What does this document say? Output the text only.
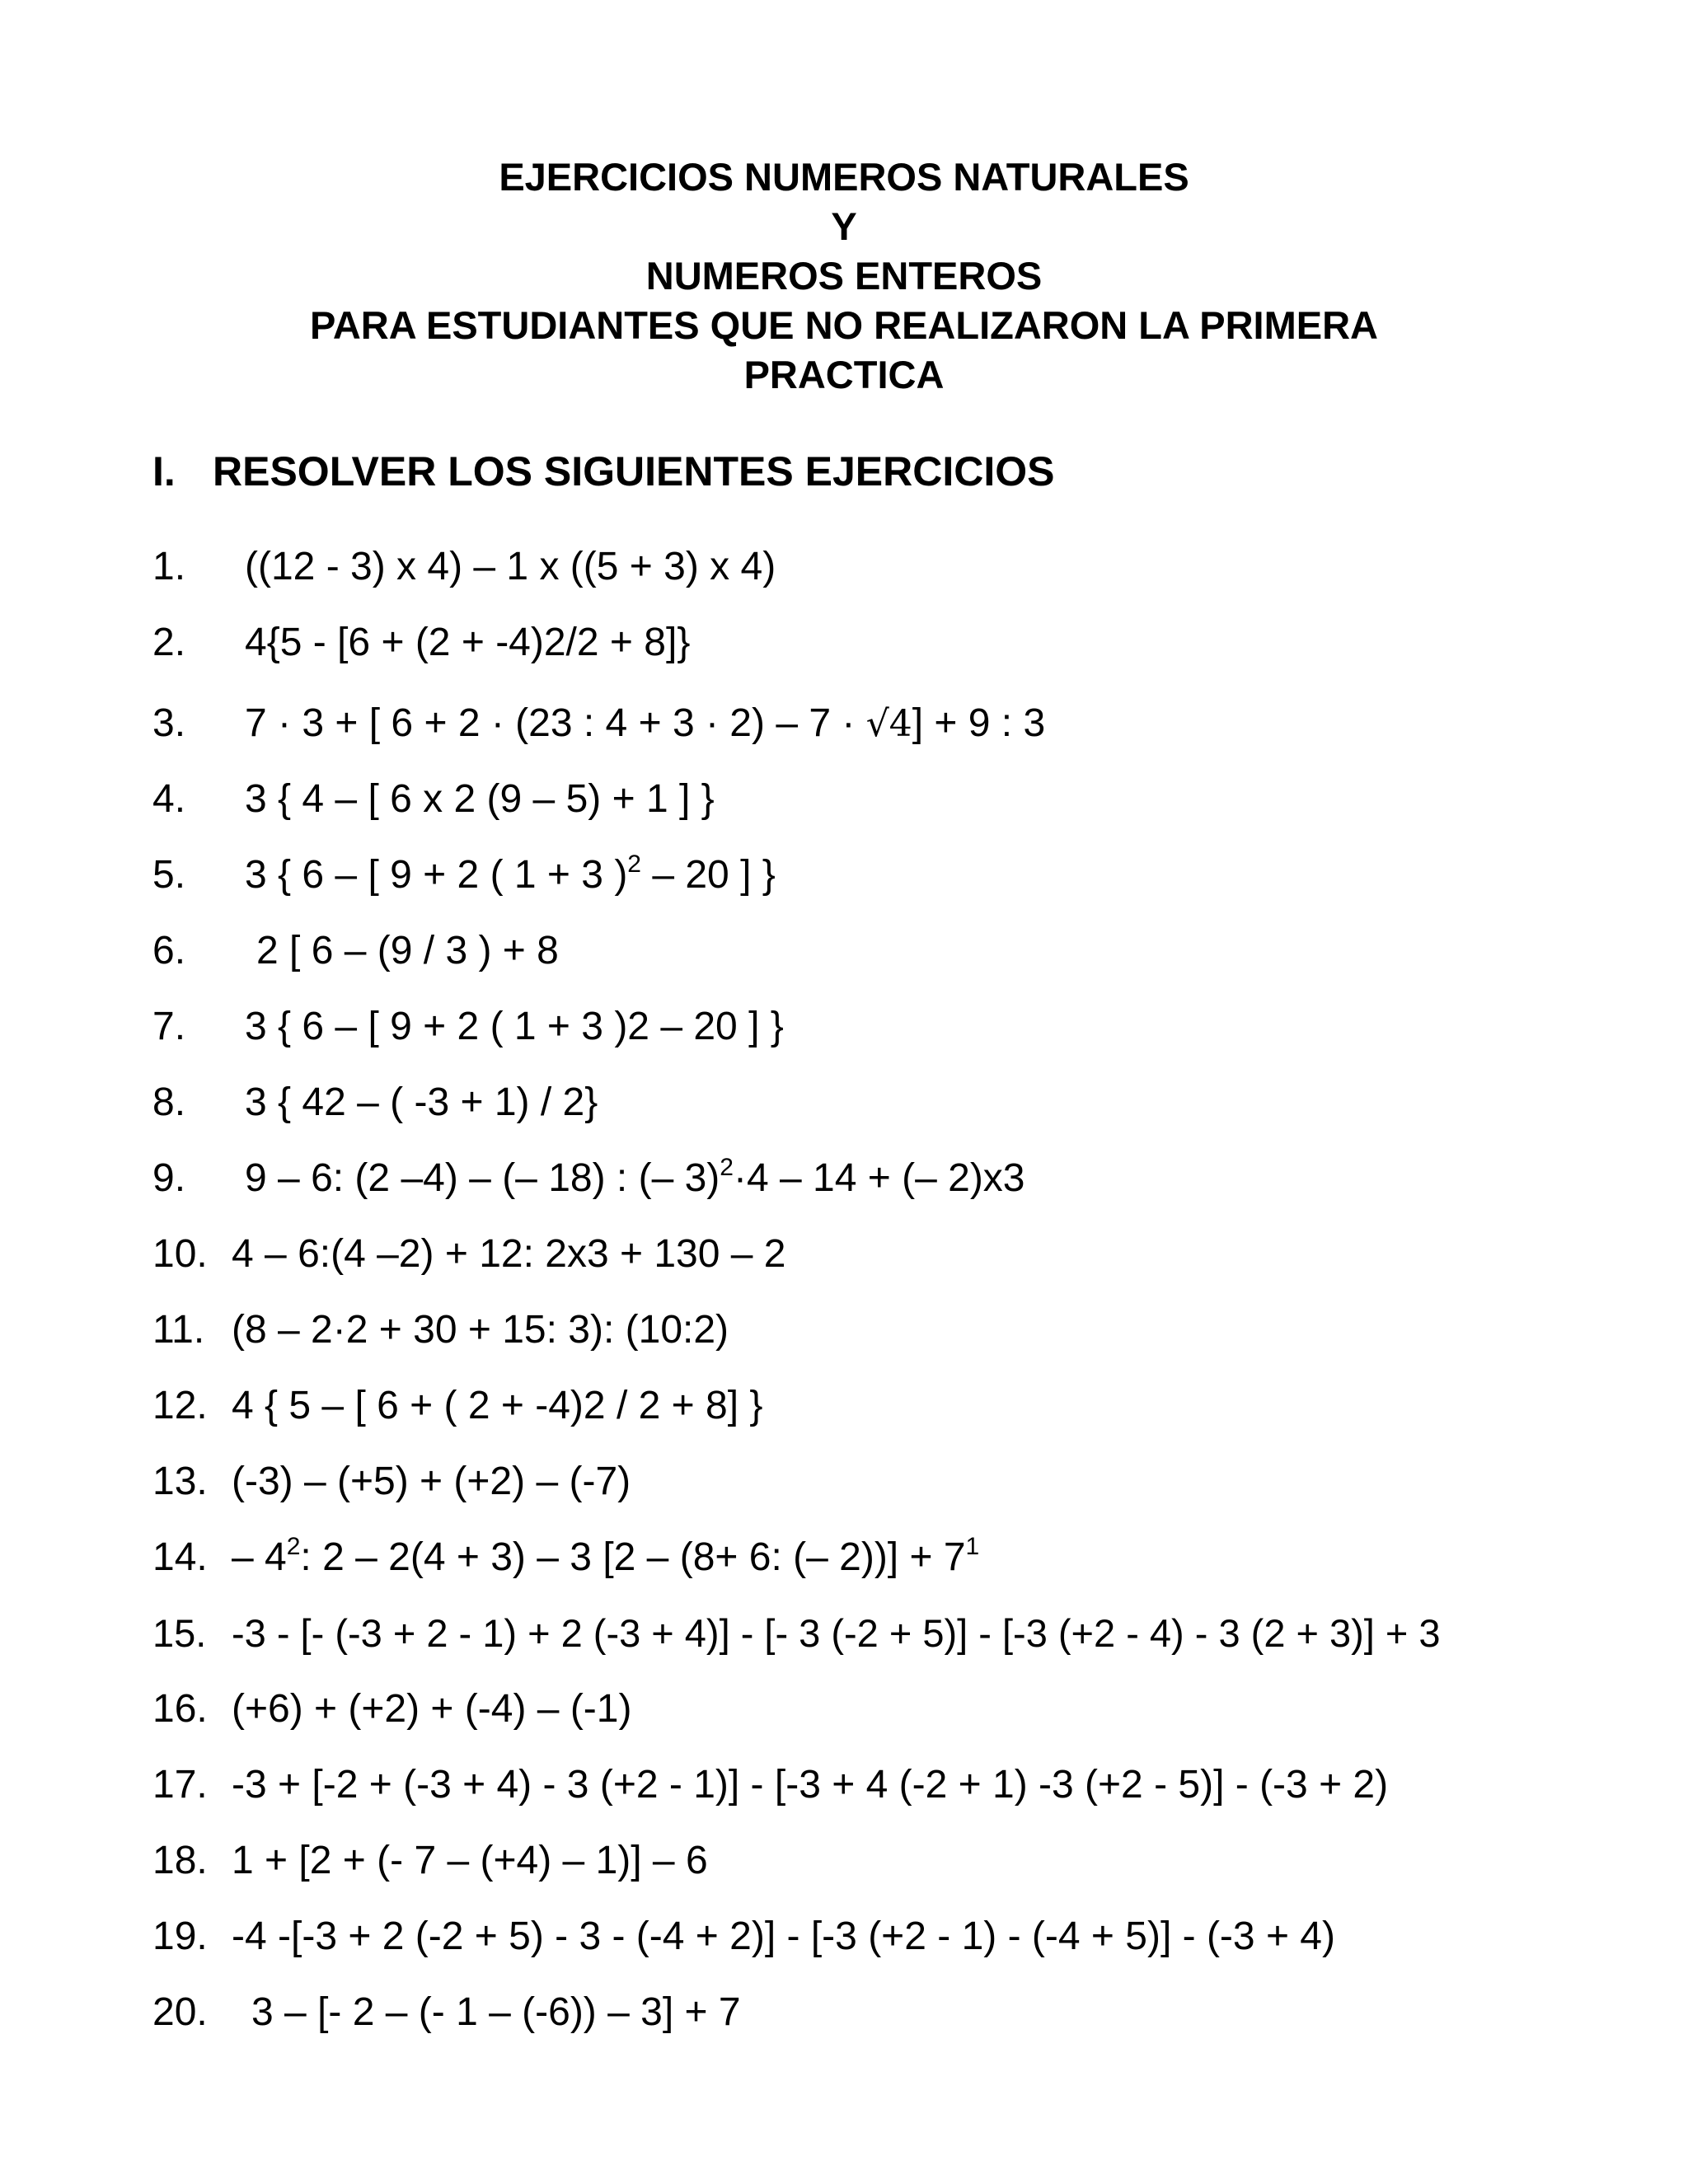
EJERCICIOS NUMEROS NATURALES
Y
NUMEROS ENTEROS
PARA ESTUDIANTES QUE NO REALIZARON LA PRIMERA
PRACTICA
I. RESOLVER LOS SIGUIENTES EJERCICIOS
1. ((12 - 3) x 4) – 1 x ((5 + 3) x 4)
2. 4{5 - [6 + (2 + -4)2/2 + 8]}
3. 7 · 3 + [ 6 + 2 · (23 : 4 + 3 · 2) – 7 · √4] + 9 : 3
4. 3 { 4 – [ 6 x 2 (9 – 5) + 1 ] }
5. 3 { 6 – [ 9 + 2 ( 1 + 3 )$^2$ – 20 ] }
6. 2 [ 6 – (9 / 3 ) + 8
7. 3 { 6 – [ 9 + 2 ( 1 + 3 )2 – 20 ] }
8. 3 { 42 – ( -3 + 1) / 2}
9. 9 – 6: (2 –4) – (– 18) : (– 3)$^2$·4 – 14 + (– 2)x3
10. 4 – 6:(4 –2) + 12: 2x3 + 130 – 2
11. (8 – 2·2 + 30 + 15: 3): (10:2)
12. 4 { 5 – [ 6 + ( 2 + -4)2 / 2 + 8] }
13. (-3) – (+5) + (+2) – (-7)
14. – $4^2$: 2 – 2(4 + 3) – 3 [2 – (8+ 6: (– $2))] + 7^1$
15. -3 - [- (-3 + 2 - 1) + 2 (-3 + 4)] - [- 3 (-2 + 5)] - [-3 (+2 - 4) - 3 (2 + 3)] + 3
16. (+6) + (+2) + (-4) – (-1)
17. -3 + [-2 + (-3 + 4) - 3 (+2 - 1)] - [-3 + 4 (-2 + 1) -3 (+2 - 5)] - (-3 + 2)
18. 1 + [2 + (- 7 – (+4) – 1)] – 6
19. -4 -[-3 + 2 (-2 + 5) - 3 - (-4 + 2)] - [-3 (+2 - 1) - (-4 + 5)] - (-3 + 4)
20. 3 – [- 2 – (- 1 – (-6)) – 3] + 7
